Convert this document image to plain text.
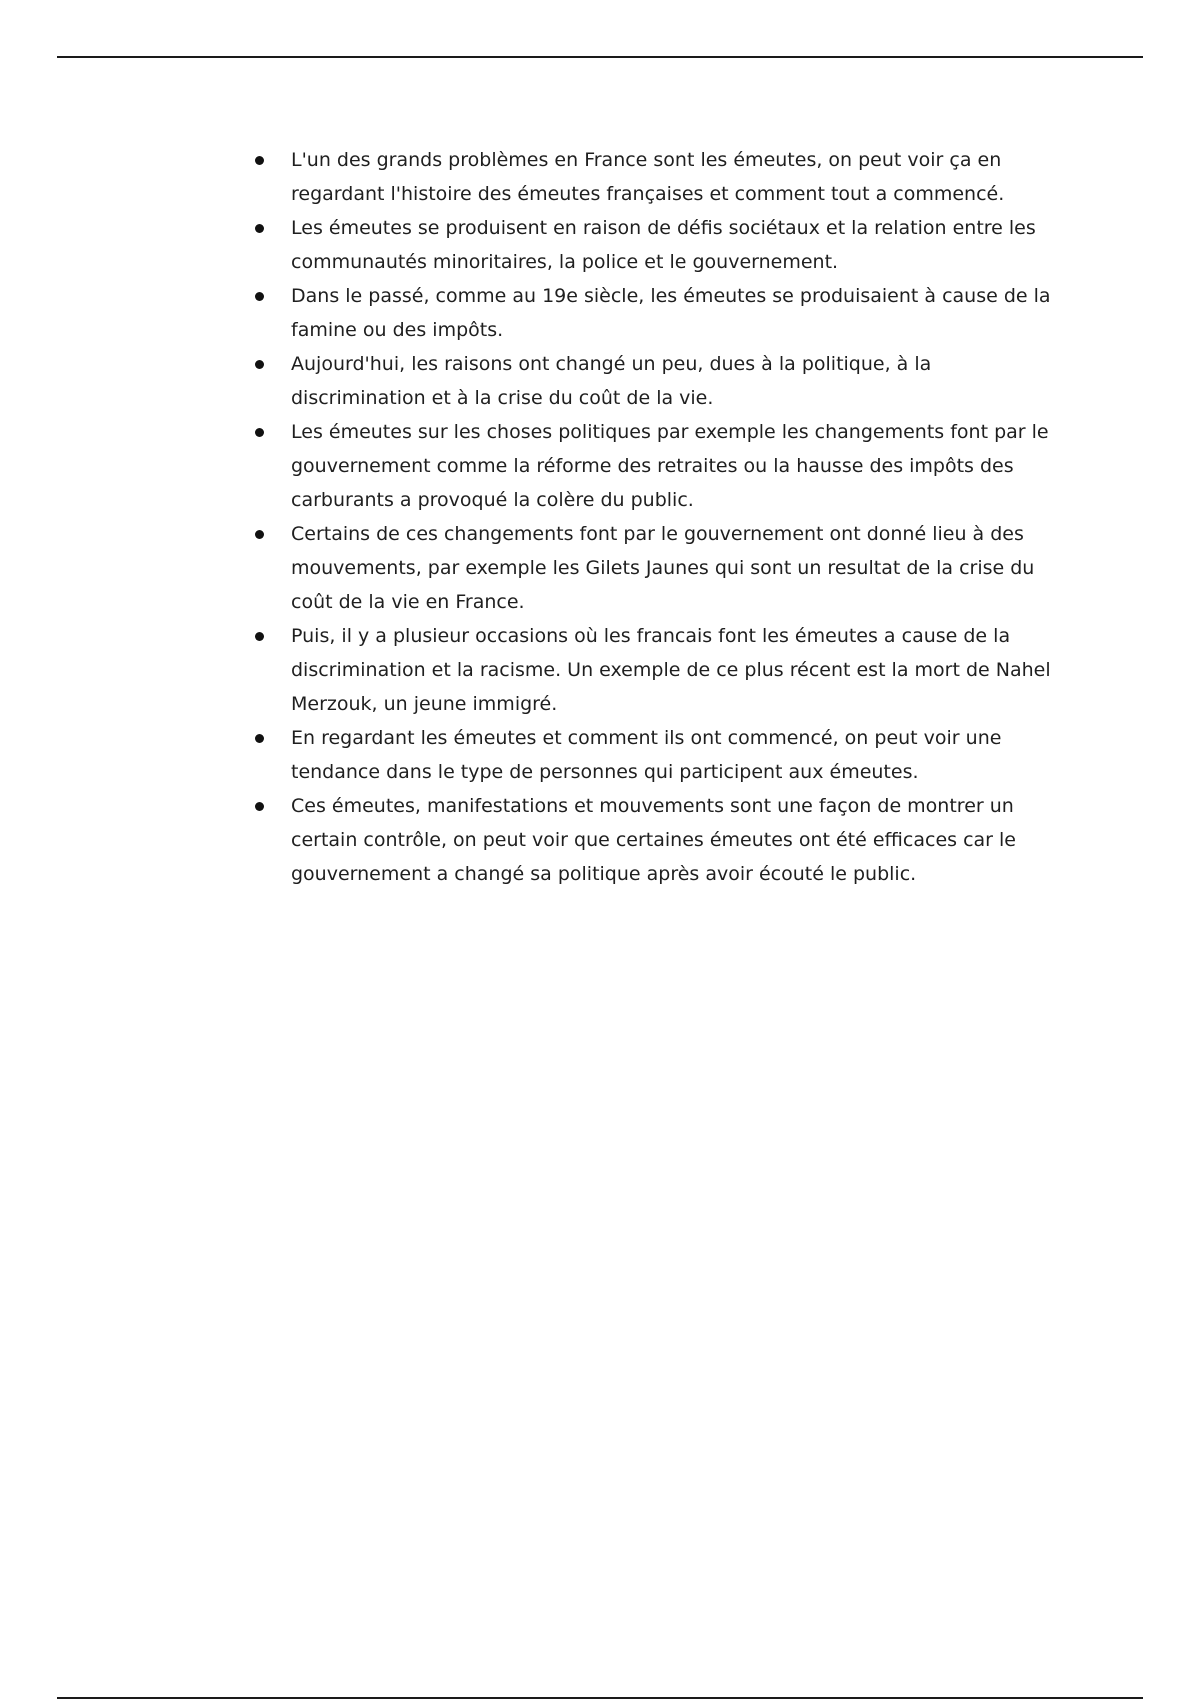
L'un des grands problèmes en France sont les émeutes, on peut voir ça en regardant l'histoire des émeutes françaises et comment tout a commencé.
Les émeutes se produisent en raison de défis sociétaux et la relation entre les communautés minoritaires, la police et le gouvernement.
Dans le passé, comme au 19e siècle, les émeutes se produisaient à cause de la famine ou des impôts.
Aujourd'hui, les raisons ont changé un peu, dues à la politique, à la discrimination et à la crise du coût de la vie.
Les émeutes sur les choses politiques par exemple les changements font par le gouvernement comme la réforme des retraites ou la hausse des impôts des carburants a provoqué la colère du public.
Certains de ces changements font par le gouvernement ont donné lieu à des mouvements, par exemple les Gilets Jaunes qui sont un resultat de la crise du coût de la vie en France.
Puis, il y a plusieur occasions où les francais font les émeutes a cause de la discrimination et la racisme. Un exemple de ce plus récent est la mort de Nahel Merzouk, un jeune immigré.
En regardant les émeutes et comment ils ont commencé, on peut voir une tendance dans le type de personnes qui participent aux émeutes.
Ces émeutes, manifestations et mouvements sont une façon de montrer un certain contrôle, on peut voir que certaines émeutes ont été efficaces car le gouvernement a changé sa politique après avoir écouté le public.
